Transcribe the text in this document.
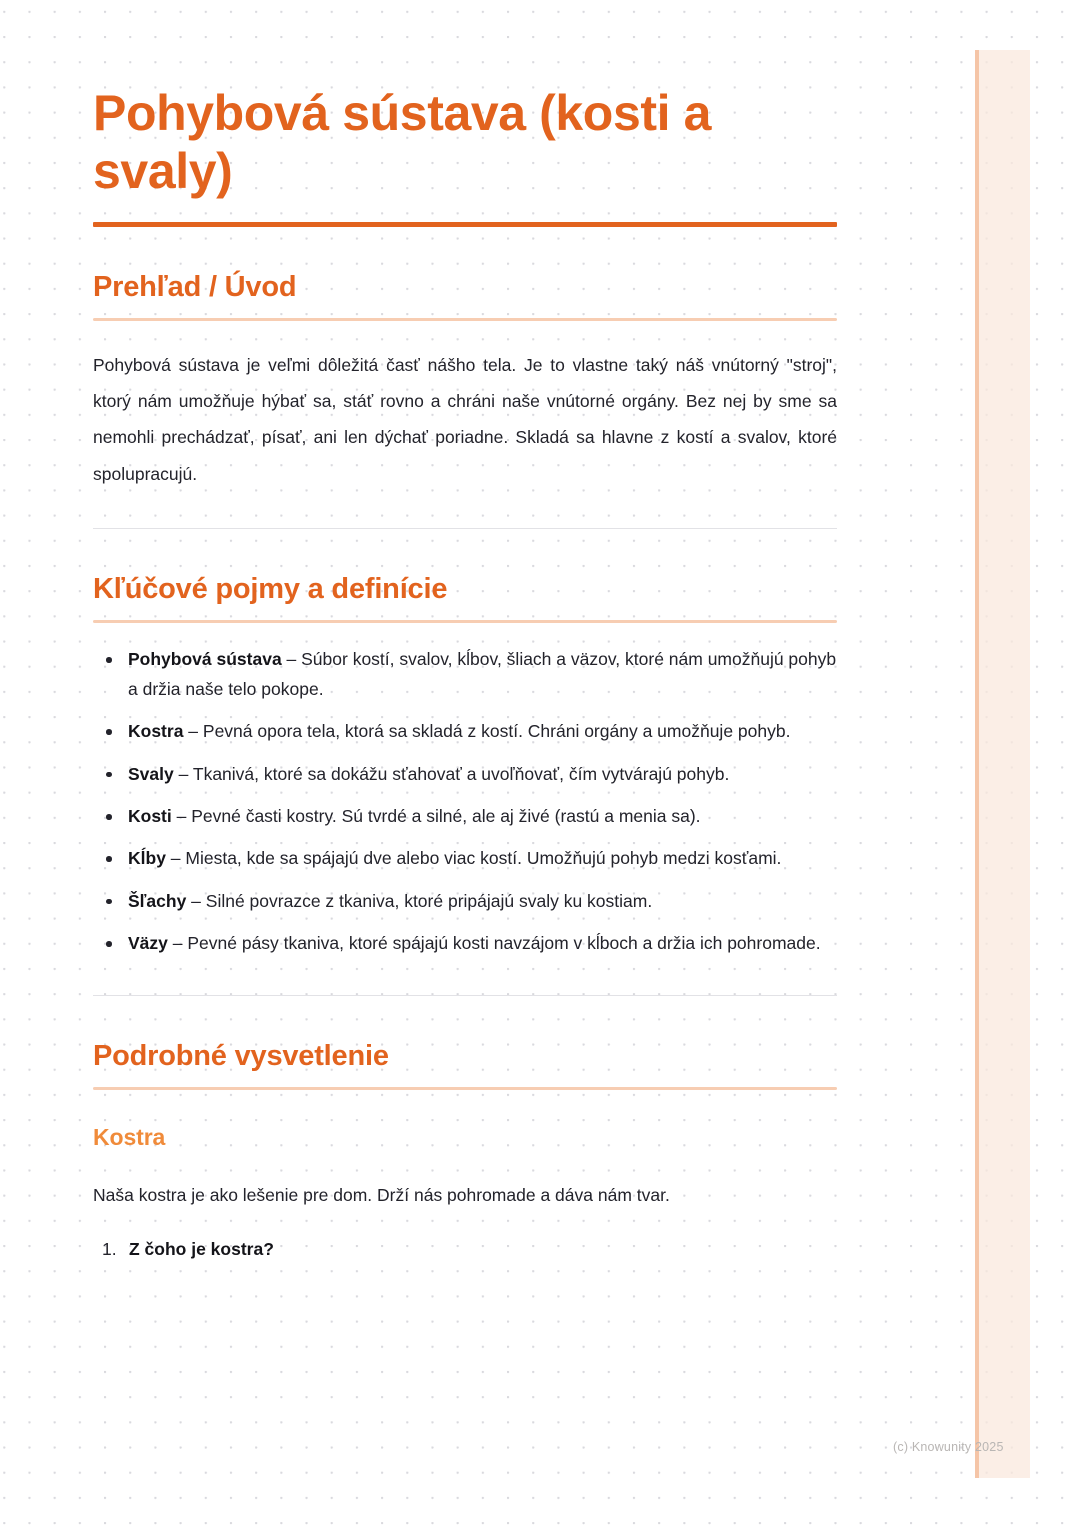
Pohybová sústava (kosti a svaly)
Prehľad / Úvod

Pohybová sústava je veľmi dôležitá časť nášho tela. Je to vlastne taký náš vnútorný "stroj", ktorý nám umožňuje hýbať sa, stáť rovno a chráni naše vnútorné orgány. Bez nej by sme sa nemohli prechádzať, písať, ani len dýchať poriadne. Skladá sa hlavne z kostí a svalov, ktoré spolupracujú.

Kľúčové pojmy a definície
Pohybová sústava – Súbor kostí, svalov, kĺbov, šliach a väzov, ktoré nám umožňujú pohyb a držia naše telo pokope.
Kostra – Pevná opora tela, ktorá sa skladá z kostí. Chráni orgány a umožňuje pohyb.
Svaly – Tkanivá, ktoré sa dokážu sťahovať a uvoľňovať, čím vytvárajú pohyb.
Kosti – Pevné časti kostry. Sú tvrdé a silné, ale aj živé (rastú a menia sa).
Kĺby – Miesta, kde sa spájajú dve alebo viac kostí. Umožňujú pohyb medzi kosťami.
Šľachy – Silné povrazce z tkaniva, ktoré pripájajú svaly ku kostiam.
Väzy – Pevné pásy tkaniva, ktoré spájajú kosti navzájom v kĺboch a držia ich pohromade.
Podrobné vysvetlenie
Kostra

Naša kostra je ako lešenie pre dom. Drží nás pohromade a dáva nám tvar.

Z čoho je kostra?
(c) Knowunity 2025
